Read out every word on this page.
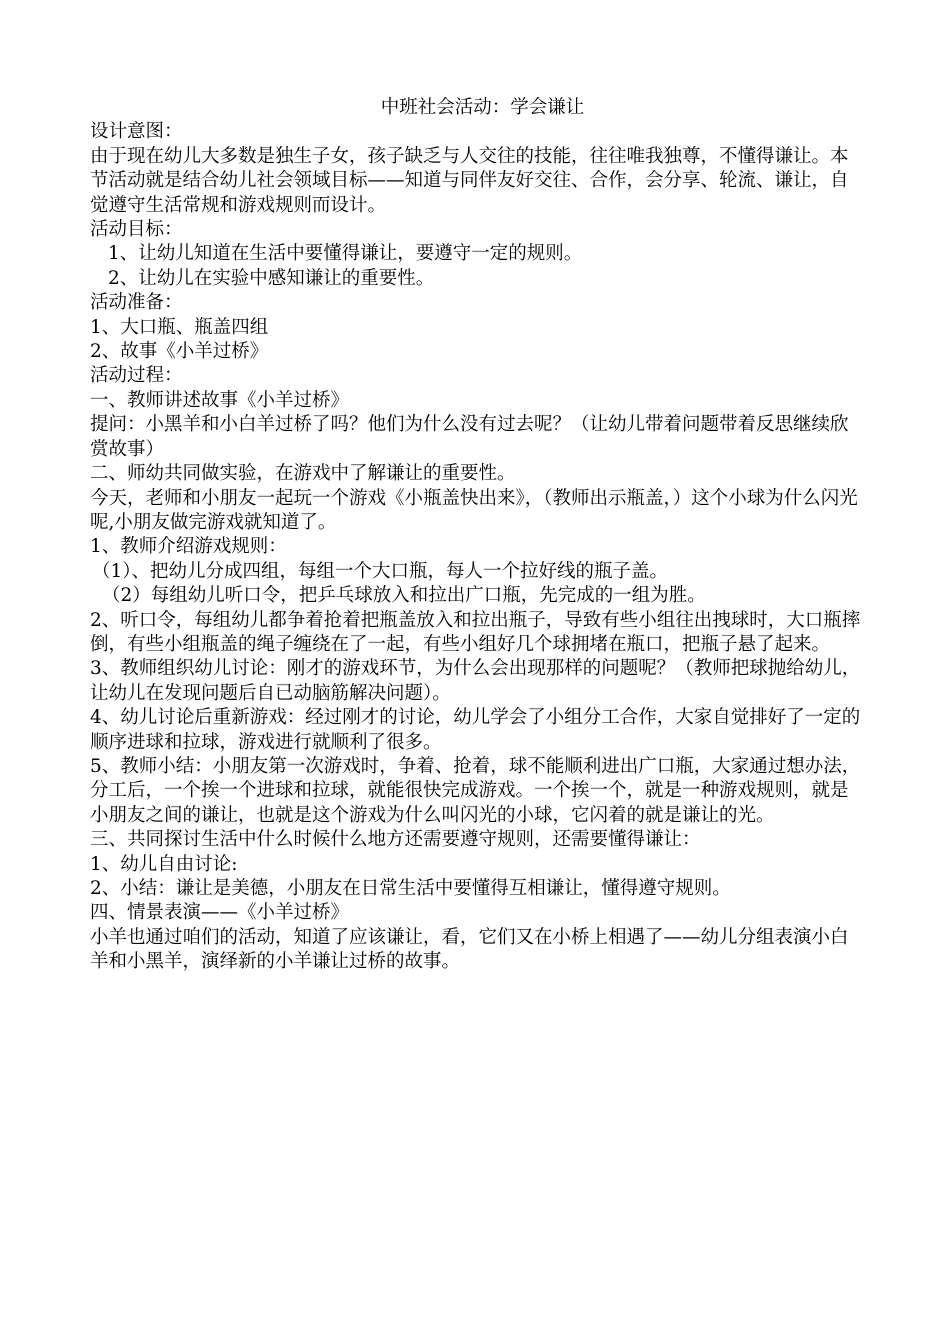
中班社会活动：学会谦让

设计意图：

由于现在幼儿大多数是独生子女，孩子缺乏与人交往的技能，往往唯我独尊，不懂得谦让。本节活动就是结合幼儿社会领域目标——知道与同伴友好交往、合作，会分享、轮流、谦让，自觉遵守生活常规和游戏规则而设计。

活动目标：

1、让幼儿知道在生活中要懂得谦让，要遵守一定的规则。

2、让幼儿在实验中感知谦让的重要性。

活动准备：

1、大口瓶、瓶盖四组

2、故事《小羊过桥》

活动过程：

一、教师讲述故事《小羊过桥》

提问：小黑羊和小白羊过桥了吗？他们为什么没有过去呢？（让幼儿带着问题带着反思继续欣赏故事）

二、师幼共同做实验，在游戏中了解谦让的重要性。

今天，老师和小朋友一起玩一个游戏《小瓶盖快出来》，（教师出示瓶盖，）这个小球为什么闪光呢,小朋友做完游戏就知道了。

1、教师介绍游戏规则：

（1）、把幼儿分成四组，每组一个大口瓶，每人一个拉好线的瓶子盖。

（2）每组幼儿听口令，把乒乓球放入和拉出广口瓶，先完成的一组为胜。

2、听口令，每组幼儿都争着抢着把瓶盖放入和拉出瓶子，导致有些小组往出拽球时，大口瓶摔倒，有些小组瓶盖的绳子缠绕在了一起，有些小组好几个球拥堵在瓶口，把瓶子悬了起来。

3、教师组织幼儿讨论：刚才的游戏环节，为什么会出现那样的问题呢？（教师把球抛给幼儿，让幼儿在发现问题后自已动脑筋解决问题）。

4、幼儿讨论后重新游戏：经过刚才的讨论，幼儿学会了小组分工合作，大家自觉排好了一定的顺序进球和拉球，游戏进行就顺利了很多。

5、教师小结：小朋友第一次游戏时，争着、抢着，球不能顺利进出广口瓶，大家通过想办法，分工后，一个挨一个进球和拉球，就能很快完成游戏。一个挨一个，就是一种游戏规则，就是小朋友之间的谦让，也就是这个游戏为什么叫闪光的小球，它闪着的就是谦让的光。

三、共同探讨生活中什么时候什么地方还需要遵守规则，还需要懂得谦让：

1、幼儿自由讨论:

2、小结：谦让是美德，小朋友在日常生活中要懂得互相谦让，懂得遵守规则。

四、情景表演——《小羊过桥》

小羊也通过咱们的活动，知道了应该谦让，看，它们又在小桥上相遇了——幼儿分组表演小白羊和小黑羊，演绎新的小羊谦让过桥的故事。
